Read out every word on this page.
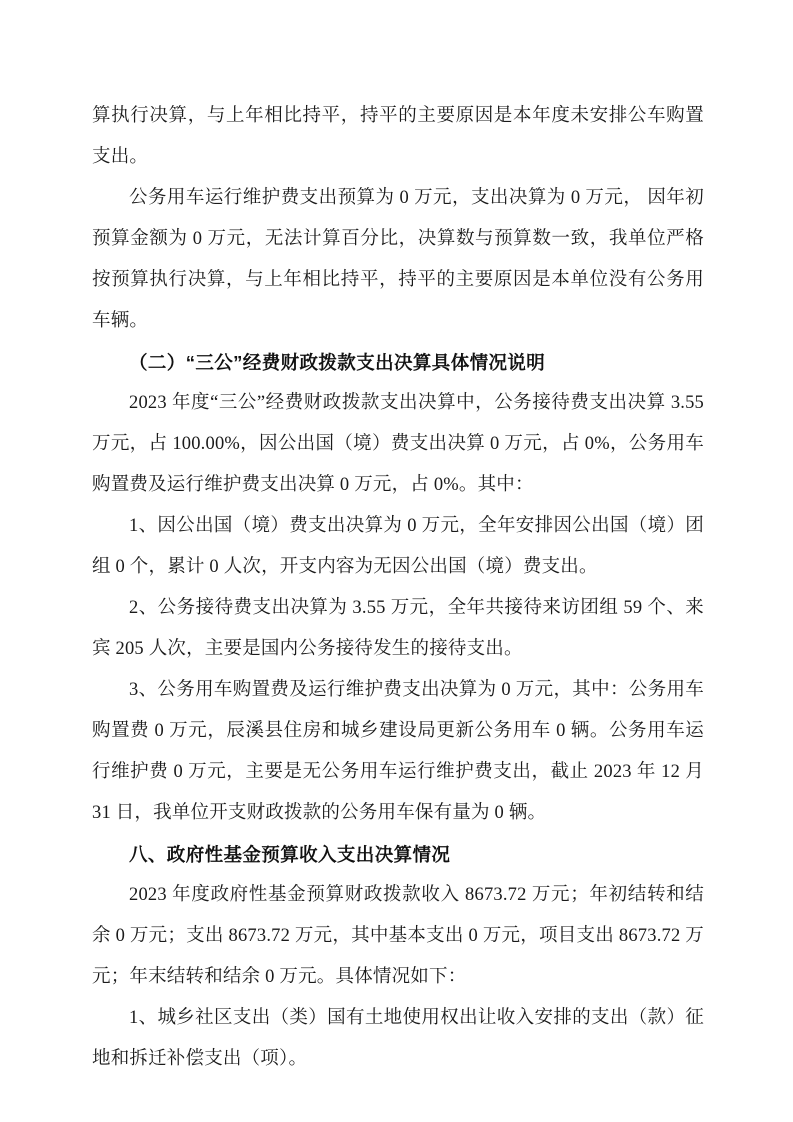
算执行决算，与上年相比持平，持平的主要原因是本年度未安排公车购置支出。

公务用车运行维护费支出预算为 0 万元，支出决算为 0 万元， 因年初预算金额为 0 万元，无法计算百分比，决算数与预算数一致，我单位严格按预算执行决算，与上年相比持平，持平的主要原因是本单位没有公务用车辆。

（二）“三公”经费财政拨款支出决算具体情况说明

2023 年度“三公”经费财政拨款支出决算中，公务接待费支出决算 3.55 万元，占 100.00%，因公出国（境）费支出决算 0 万元，占 0%，公务用车购置费及运行维护费支出决算 0 万元，占 0%。其中：

1、因公出国（境）费支出决算为 0 万元，全年安排因公出国（境）团组 0 个，累计 0 人次，开支内容为无因公出国（境）费支出。

2、公务接待费支出决算为 3.55 万元，全年共接待来访团组 59 个、来宾 205 人次，主要是国内公务接待发生的接待支出。

3、公务用车购置费及运行维护费支出决算为 0 万元，其中：公务用车购置费 0 万元，辰溪县住房和城乡建设局更新公务用车 0 辆。公务用车运行维护费 0 万元，主要是无公务用车运行维护费支出，截止 2023 年 12 月 31 日，我单位开支财政拨款的公务用车保有量为 0 辆。

八、政府性基金预算收入支出决算情况

2023 年度政府性基金预算财政拨款收入 8673.72 万元；年初结转和结余 0 万元；支出 8673.72 万元，其中基本支出 0 万元，项目支出 8673.72 万元；年末结转和结余 0 万元。具体情况如下：

1、城乡社区支出（类）国有土地使用权出让收入安排的支出（款）征地和拆迁补偿支出（项）。
